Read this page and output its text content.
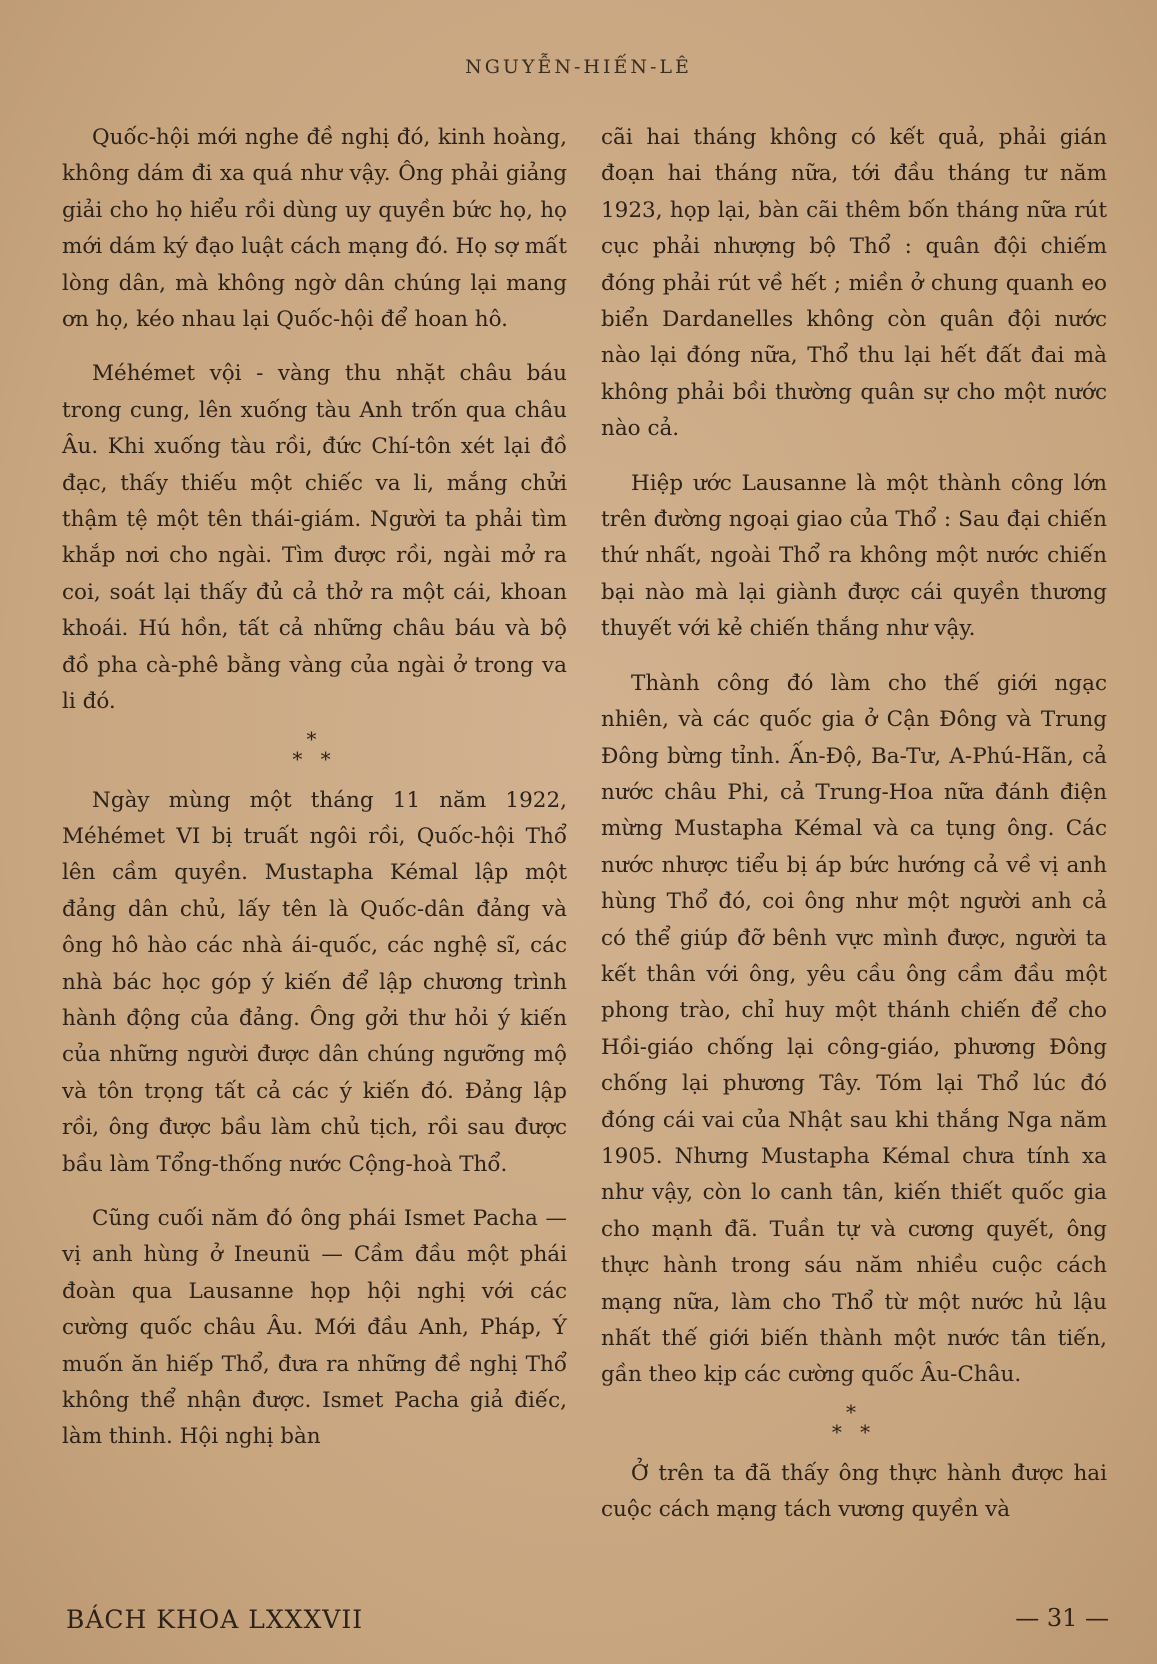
NGUYỄN-HIẾN-LÊ

Quốc-hội mới nghe đề nghị đó, kinh hoàng, không dám đi xa quá như vậy. Ông phải giảng giải cho họ hiểu rồi dùng uy quyền bức họ, họ mới dám ký đạo luật cách mạng đó. Họ sợ mất lòng dân, mà không ngờ dân chúng lại mang ơn họ, kéo nhau lại Quốc-hội để hoan hô.

Méhémet vội - vàng thu nhặt châu báu trong cung, lên xuống tàu Anh trốn qua châu Âu. Khi xuống tàu rồi, đức Chí-tôn xét lại đồ đạc, thấy thiếu một chiếc va li, mắng chửi thậm tệ một tên thái-giám. Người ta phải tìm khắp nơi cho ngài. Tìm được rồi, ngài mở ra coi, soát lại thấy đủ cả thở ra một cái, khoan khoái. Hú hồn, tất cả những châu báu và bộ đồ pha cà-phê bằng vàng của ngài ở trong va li đó.

*
* *

Ngày mùng một tháng 11 năm 1922, Méhémet VI bị truất ngôi rồi, Quốc-hội Thổ lên cầm quyền. Mustapha Kémal lập một đảng dân chủ, lấy tên là Quốc-dân đảng và ông hô hào các nhà ái-quốc, các nghệ sĩ, các nhà bác học góp ý kiến để lập chương trình hành động của đảng. Ông gởi thư hỏi ý kiến của những người được dân chúng ngưỡng mộ và tôn trọng tất cả các ý kiến đó. Đảng lập rồi, ông được bầu làm chủ tịch, rồi sau được bầu làm Tổng-thống nước Cộng-hoà Thổ.

Cũng cuối năm đó ông phái Ismet Pacha — vị anh hùng ở Ineunü — Cầm đầu một phái đoàn qua Lausanne họp hội nghị với các cường quốc châu Âu. Mới đầu Anh, Pháp, Ý muốn ăn hiếp Thổ, đưa ra những đề nghị Thổ không thể nhận được. Ismet Pacha giả điếc, làm thinh. Hội nghị bàn

cãi hai tháng không có kết quả, phải gián đoạn hai tháng nữa, tới đầu tháng tư năm 1923, họp lại, bàn cãi thêm bốn tháng nữa rút cục phải nhượng bộ Thổ : quân đội chiếm đóng phải rút về hết ; miền ở chung quanh eo biển Dardanelles không còn quân đội nước nào lại đóng nữa, Thổ thu lại hết đất đai mà không phải bồi thường quân sự cho một nước nào cả.

Hiệp ước Lausanne là một thành công lớn trên đường ngoại giao của Thổ : Sau đại chiến thứ nhất, ngoài Thổ ra không một nước chiến bại nào mà lại giành được cái quyền thương thuyết với kẻ chiến thắng như vậy.

Thành công đó làm cho thế giới ngạc nhiên, và các quốc gia ở Cận Đông và Trung Đông bừng tỉnh. Ấn-Độ, Ba-Tư, A-Phú-Hãn, cả nước châu Phi, cả Trung-Hoa nữa đánh điện mừng Mustapha Kémal và ca tụng ông. Các nước nhược tiểu bị áp bức hướng cả về vị anh hùng Thổ đó, coi ông như một người anh cả có thể giúp đỡ bênh vực mình được, người ta kết thân với ông, yêu cầu ông cầm đầu một phong trào, chỉ huy một thánh chiến để cho Hồi-giáo chống lại công-giáo, phương Đông chống lại phương Tây. Tóm lại Thổ lúc đó đóng cái vai của Nhật sau khi thắng Nga năm 1905. Nhưng Mustapha Kémal chưa tính xa như vậy, còn lo canh tân, kiến thiết quốc gia cho mạnh đã. Tuần tự và cương quyết, ông thực hành trong sáu năm nhiều cuộc cách mạng nữa, làm cho Thổ từ một nước hủ lậu nhất thế giới biến thành một nước tân tiến, gần theo kịp các cường quốc Âu-Châu.

*
* *

Ở trên ta đã thấy ông thực hành được hai cuộc cách mạng tách vương quyền và

BÁCH KHOA LXXXVII	— 31 —
